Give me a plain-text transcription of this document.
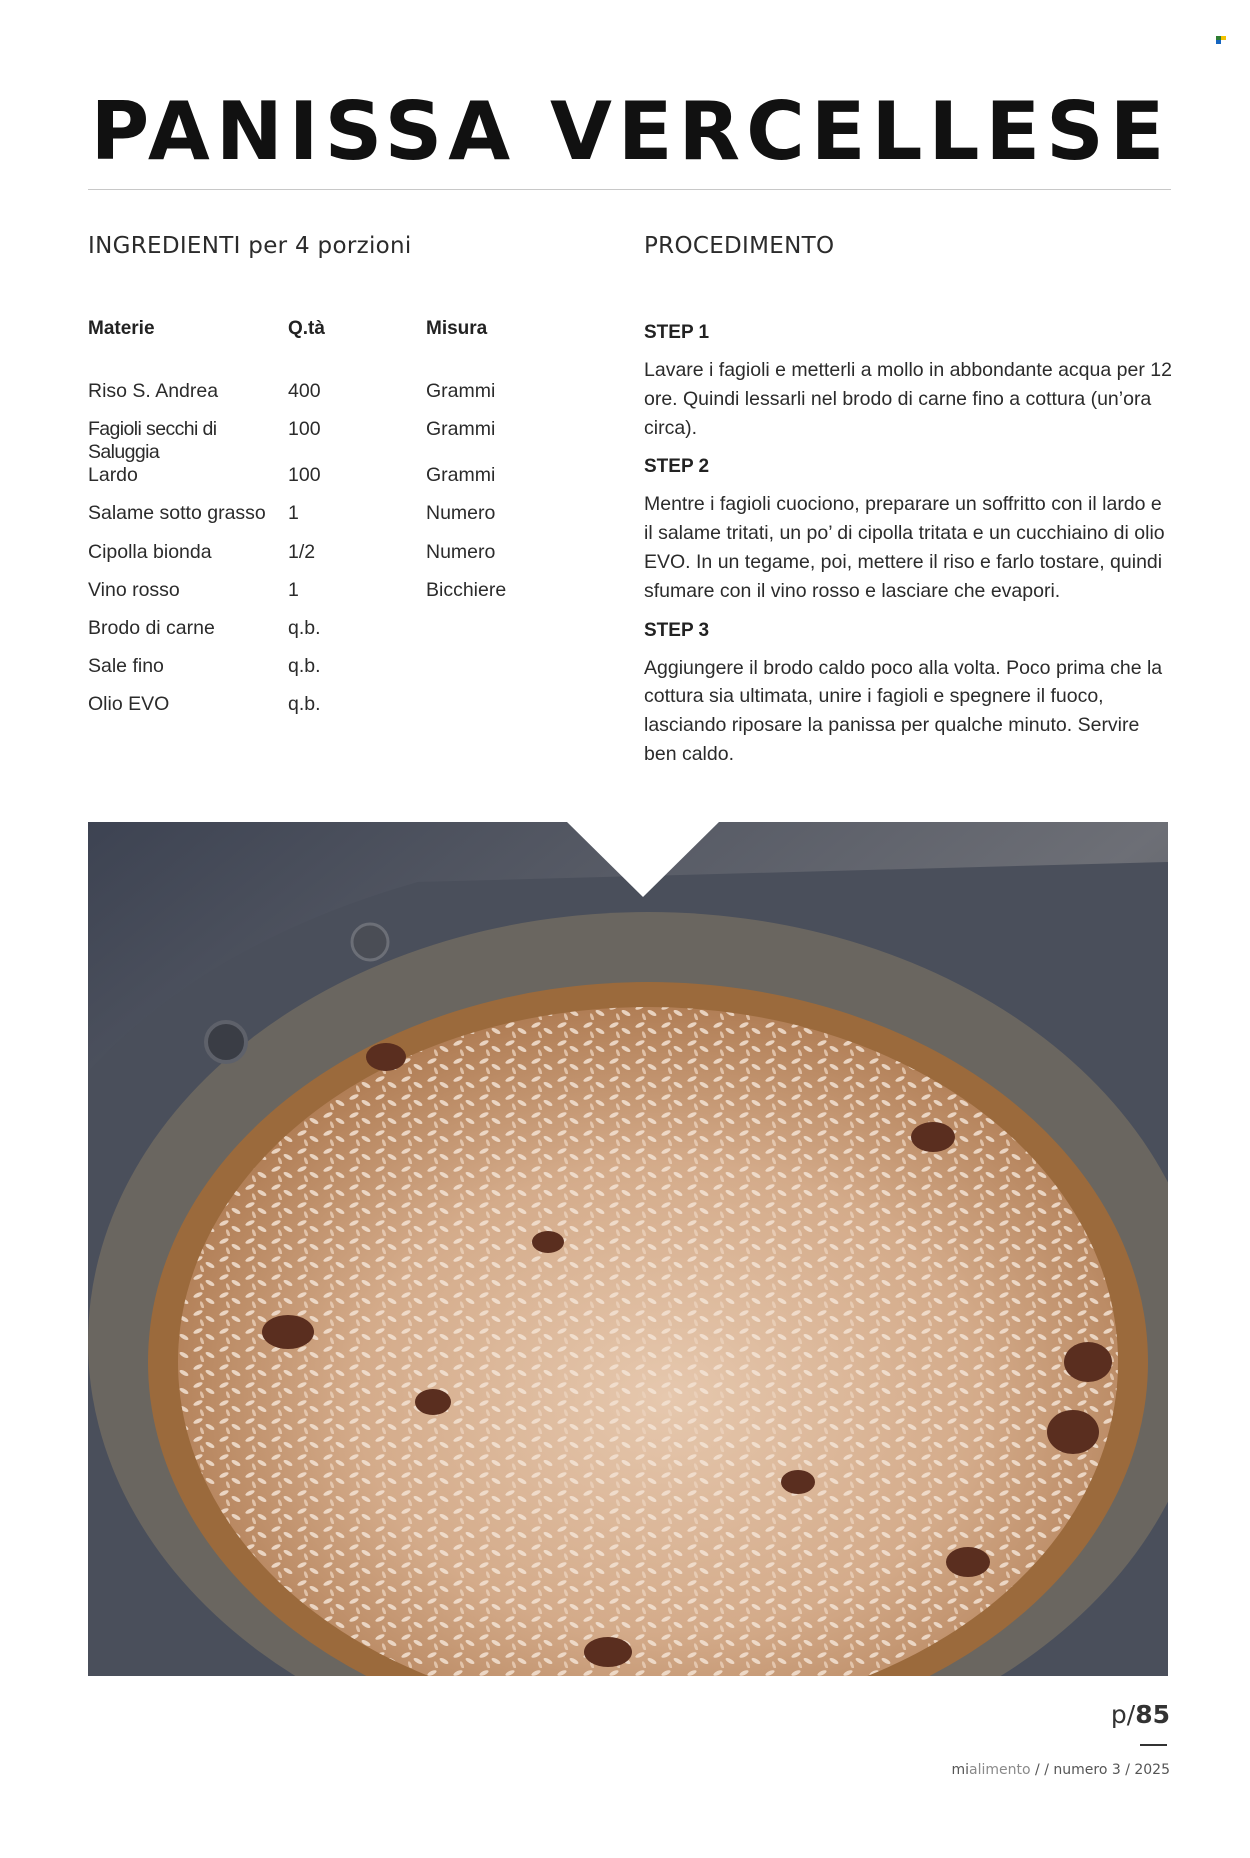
PANISSA VERCELLESE
INGREDIENTI per 4 porzioni	PROCEDIMENTO
Materie	Q.tà	Misura
Riso S. Andrea	400	Grammi
Fagioli secchi di Saluggia	100	Grammi
Lardo	100	Grammi
Salame sotto grasso	1	Numero
Cipolla bionda	1/2	Numero
Vino rosso	1	Bicchiere
Brodo di carne	q.b.	
Sale fino	q.b.	
Olio EVO	q.b.	

STEP 1

Lavare i fagioli e metterli a mollo in abbondante acqua per 12 ore. Quindi lessarli nel brodo di carne fino a cottura (un’ora circa).

STEP 2

Mentre i fagioli cuociono, preparare un soffritto con il lardo e il salame tritati, un po’ di cipolla tritata e un cucchiaino di olio EVO. In un tegame, poi, mettere il riso e farlo tostare, quindi sfumare con il vino rosso e lasciare che evapori.

STEP 3

Aggiungere il brodo caldo poco alla volta. Poco prima che la cottura sia ultimata, unire i fagioli e spegnere il fuoco, lasciando riposare la panissa per qualche minuto. Servire ben caldo.

p/85
mialimento / / numero 3 / 2025
